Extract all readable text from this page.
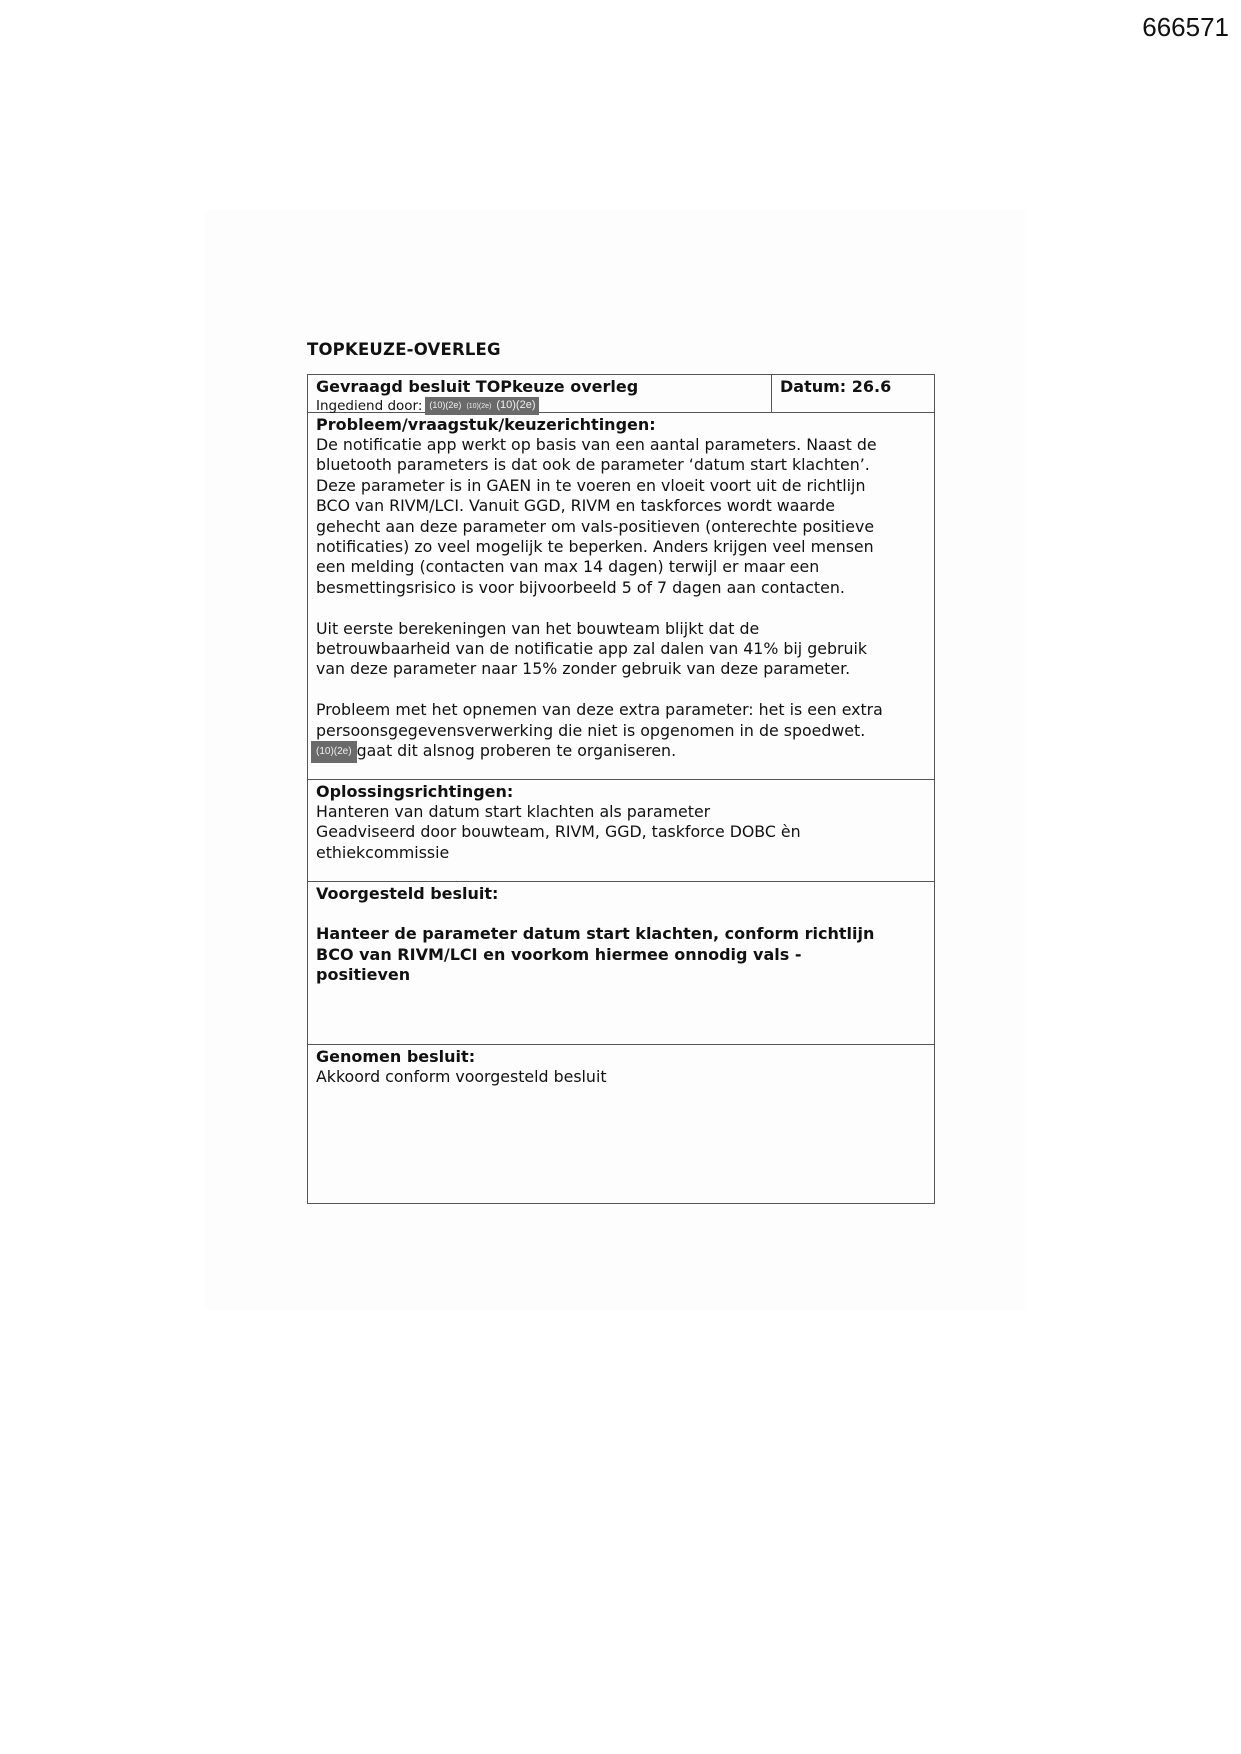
666571
TOPKEUZE-OVERLEG
Gevraagd besluit TOPkeuze overleg
Ingediend door: (10)(2e) (10)(2e) (10)(2e)
Datum: 26.6
Probleem/vraagstuk/keuzerichtingen:

De notificatie app werkt op basis van een aantal parameters. Naast de

bluetooth parameters is dat ook de parameter ‘datum start klachten’.

Deze parameter is in GAEN in te voeren en vloeit voort uit de richtlijn

BCO van RIVM/LCI. Vanuit GGD, RIVM en taskforces wordt waarde

gehecht aan deze parameter om vals-positieven (onterechte positieve

notificaties) zo veel mogelijk te beperken. Anders krijgen veel mensen

een melding (contacten van max 14 dagen) terwijl er maar een

besmettingsrisico is voor bijvoorbeeld 5 of 7 dagen aan contacten.

Uit eerste berekeningen van het bouwteam blijkt dat de

betrouwbaarheid van de notificatie app zal dalen van 41% bij gebruik

van deze parameter naar 15% zonder gebruik van deze parameter.

Probleem met het opnemen van deze extra parameter: het is een extra

persoonsgegevensverwerking die niet is opgenomen in de spoedwet.

(10)(2e) gaat dit alsnog proberen te organiseren.

Oplossingsrichtingen:

Hanteren van datum start klachten als parameter

Geadviseerd door bouwteam, RIVM, GGD, taskforce DOBC èn

ethiekcommissie

Voorgesteld besluit:

Hanteer de parameter datum start klachten, conform richtlijn

BCO van RIVM/LCI en voorkom hiermee onnodig vals -

positieven

Genomen besluit:

Akkoord conform voorgesteld besluit
